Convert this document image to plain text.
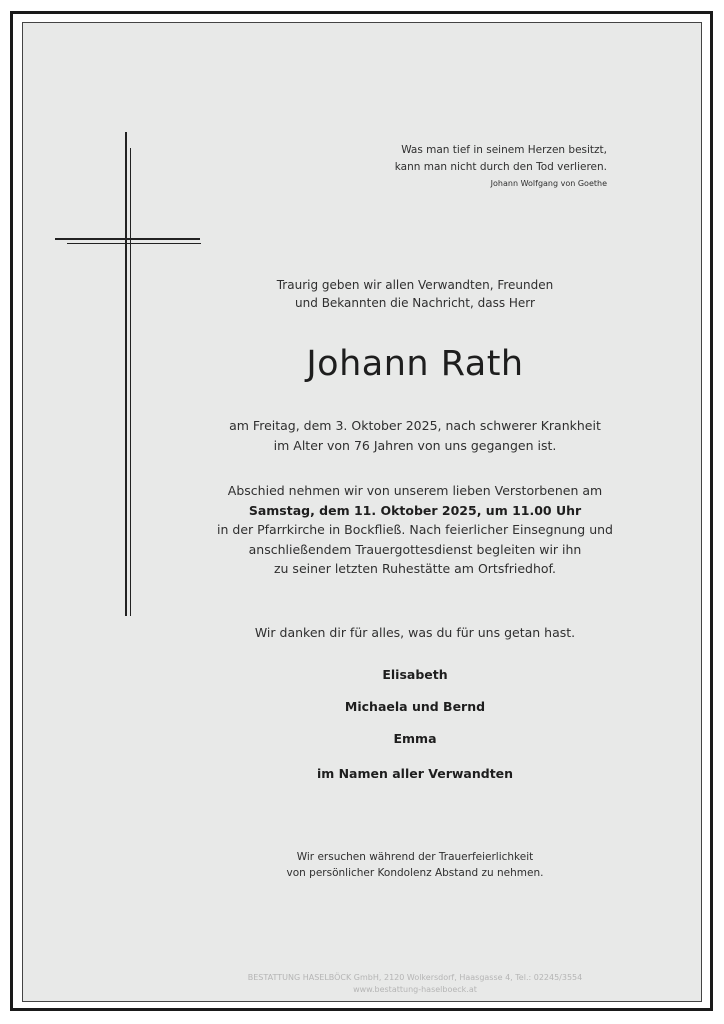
Was man tief in seinem Herzen besitzt,
kann man nicht durch den Tod verlieren.
Johann Wolfgang von Goethe
Traurig geben wir allen Verwandten, Freunden
und Bekannten die Nachricht, dass Herr
Johann Rath
am Freitag, dem 3. Oktober 2025, nach schwerer Krankheit
im Alter von 76 Jahren von uns gegangen ist.
Abschied nehmen wir von unserem lieben Verstorbenen am
Samstag, dem 11. Oktober 2025, um 11.00 Uhr
in der Pfarrkirche in Bockfließ. Nach feierlicher Einsegnung und
anschließendem Trauergottesdienst begleiten wir ihn
zu seiner letzten Ruhestätte am Ortsfriedhof.
Wir danken dir für alles, was du für uns getan hast.
Elisabeth
Michaela und Bernd
Emma
im Namen aller Verwandten
Wir ersuchen während der Trauerfeierlichkeit
von persönlicher Kondolenz Abstand zu nehmen.
BESTATTUNG HASELBÖCK GmbH, 2120 Wolkersdorf, Haasgasse 4, Tel.: 02245/3554
www.bestattung-haselboeck.at
